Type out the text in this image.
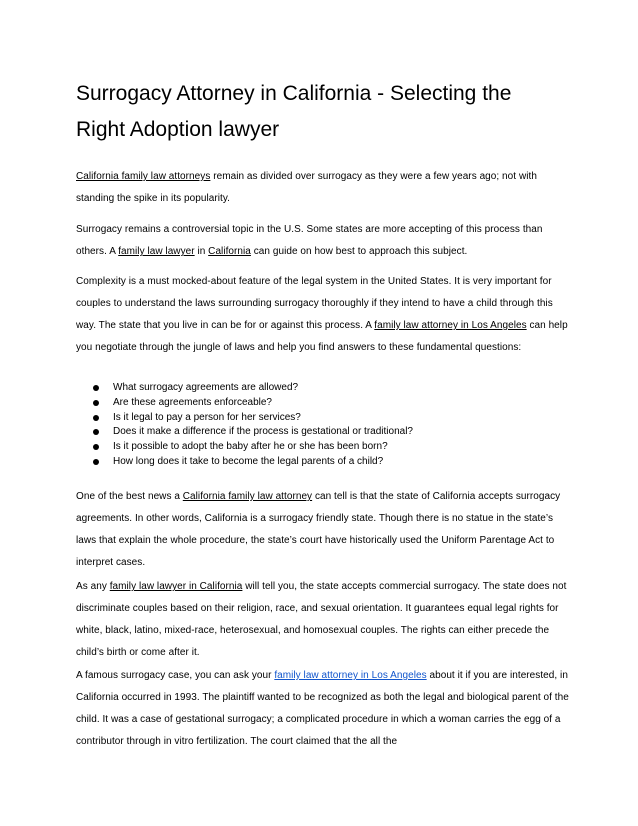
Surrogacy Attorney in California - Selecting the
Right Adoption lawyer

California family law attorneys remain as divided over surrogacy as they were a few years ago; not with standing the spike in its popularity.

Surrogacy remains a controversial topic in the U.S. Some states are more accepting of this process than others. A family law lawyer in California can guide on how best to approach this subject.

Complexity is a must mocked-about feature of the legal system in the United States. It is very important for couples to understand the laws surrounding surrogacy thoroughly if they intend to have a child through this way. The state that you live in can be for or against this process. A family law attorney in Los Angeles can help you negotiate through the jungle of laws and help you find answers to these fundamental questions:

What surrogacy agreements are allowed?
Are these agreements enforceable?
Is it legal to pay a person for her services?
Does it make a difference if the process is gestational or traditional?
Is it possible to adopt the baby after he or she has been born?
How long does it take to become the legal parents of a child?

One of the best news a California family law attorney can tell is that the state of California accepts surrogacy agreements. In other words, California is a surrogacy friendly state. Though there is no statue in the state’s laws that explain the whole procedure, the state’s court have historically used the Uniform Parentage Act to interpret cases.

As any family law lawyer in California will tell you, the state accepts commercial surrogacy. The state does not discriminate couples based on their religion, race, and sexual orientation. It guarantees equal legal rights for white, black, latino, mixed-race, heterosexual, and homosexual couples. The rights can either precede the child’s birth or come after it.

A famous surrogacy case, you can ask your family law attorney in Los Angeles about it if you are interested, in California occurred in 1993. The plaintiff wanted to be recognized as both the legal and biological parent of the child. It was a case of gestational surrogacy; a complicated procedure in which a woman carries the egg of a contributor through in vitro fertilization. The court claimed that the all the
